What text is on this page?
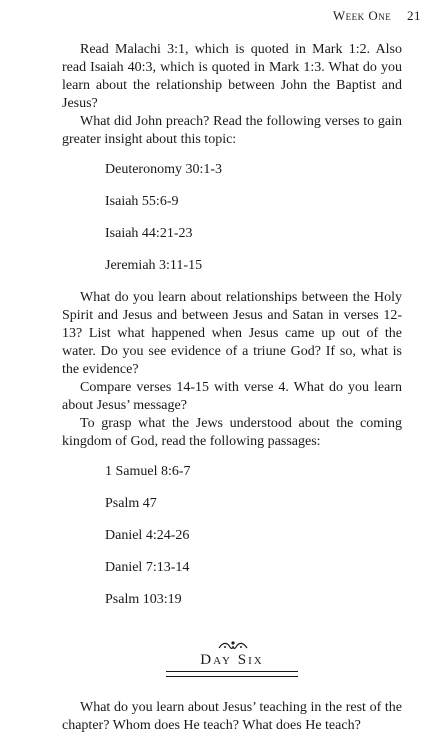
Week One 21

Read Malachi 3:1, which is quoted in Mark 1:2. Also read Isaiah 40:3, which is quoted in Mark 1:3. What do you learn about the relationship between John the Baptist and Jesus?

What did John preach? Read the following verses to gain greater insight about this topic:

Deuteronomy 30:1-3
Isaiah 55:6-9
Isaiah 44:21-23
Jeremiah 3:11-15

What do you learn about relationships between the Holy Spirit and Jesus and between Jesus and Satan in verses 12-13? List what happened when Jesus came up out of the water. Do you see evidence of a triune God? If so, what is the evidence?

Compare verses 14-15 with verse 4. What do you learn about Jesus’ message?

To grasp what the Jews understood about the coming kingdom of God, read the following passages:

1 Samuel 8:6-7
Psalm 47
Daniel 4:24-26
Daniel 7:13-14
Psalm 103:19
Day Six

What do you learn about Jesus’ teaching in the rest of the chapter? Whom does He teach? What does He teach?
